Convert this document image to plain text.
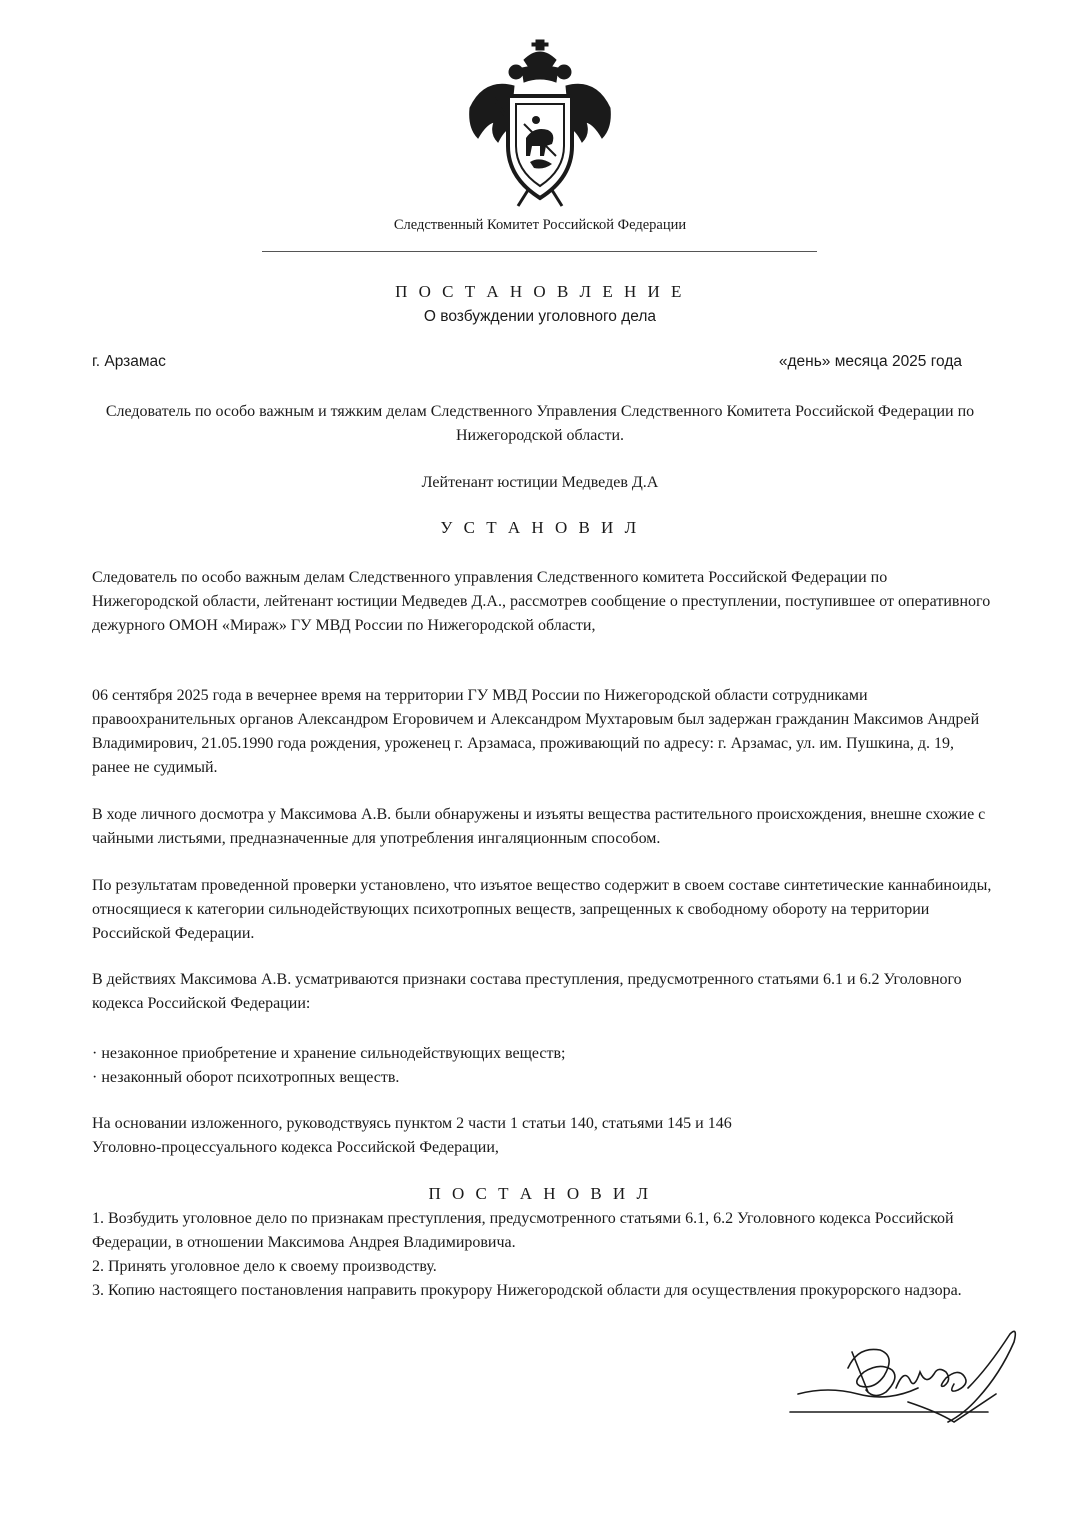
Следственный Комитет Российской Федерации
П О С Т А Н О В Л Е Н И Е
О возбуждении уголовного дела
г. Арзамас	«день» месяца 2025 года

Следователь по особо важным и тяжким делам Следственного Управления Следственного Комитета Российской Федерации по Нижегородской области.

Лейтенант юстиции Медведев Д.А

У С Т А Н О В И Л

Следователь по особо важным делам Следственного управления Следственного комитета Российской Федерации по Нижегородской области, лейтенант юстиции Медведев Д.А., рассмотрев сообщение о преступлении, поступившее от оперативного дежурного ОМОН «Мираж» ГУ МВД России по Нижегородской области,

06 сентября 2025 года в вечернее время на территории ГУ МВД России по Нижегородской области сотрудниками правоохранительных органов Александром Егоровичем и Александром Мухтаровым был задержан гражданин Максимов Андрей Владимирович, 21.05.1990 года рождения, уроженец г. Арзамаса, проживающий по адресу: г. Арзамас, ул. им. Пушкина, д. 19, ранее не судимый.

В ходе личного досмотра у Максимова А.В. были обнаружены и изъяты вещества растительного происхождения, внешне схожие с чайными листьями, предназначенные для употребления ингаляционным способом.

По результатам проведенной проверки установлено, что изъятое вещество содержит в своем составе синтетические каннабиноиды, относящиеся к категории сильнодействующих психотропных веществ, запрещенных к свободному обороту на территории Российской Федерации.

В действиях Максимова А.В. усматриваются признаки состава преступления, предусмотренного статьями 6.1 и 6.2 Уголовного кодекса Российской Федерации:

· незаконное приобретение и хранение сильнодействующих веществ;
· незаконный оборот психотропных веществ.
На основании изложенного, руководствуясь пунктом 2 части 1 статьи 140, статьями 145 и 146
Уголовно-процессуального кодекса Российской Федерации,
П О С Т А Н О В И Л
1. Возбудить уголовное дело по признакам преступления, предусмотренного статьями 6.1, 6.2 Уголовного кодекса Российской Федерации, в отношении Максимова Андрея Владимировича.
2. Принять уголовное дело к своему производству.
3. Копию настоящего постановления направить прокурору Нижегородской области для осуществления прокурорского надзора.
